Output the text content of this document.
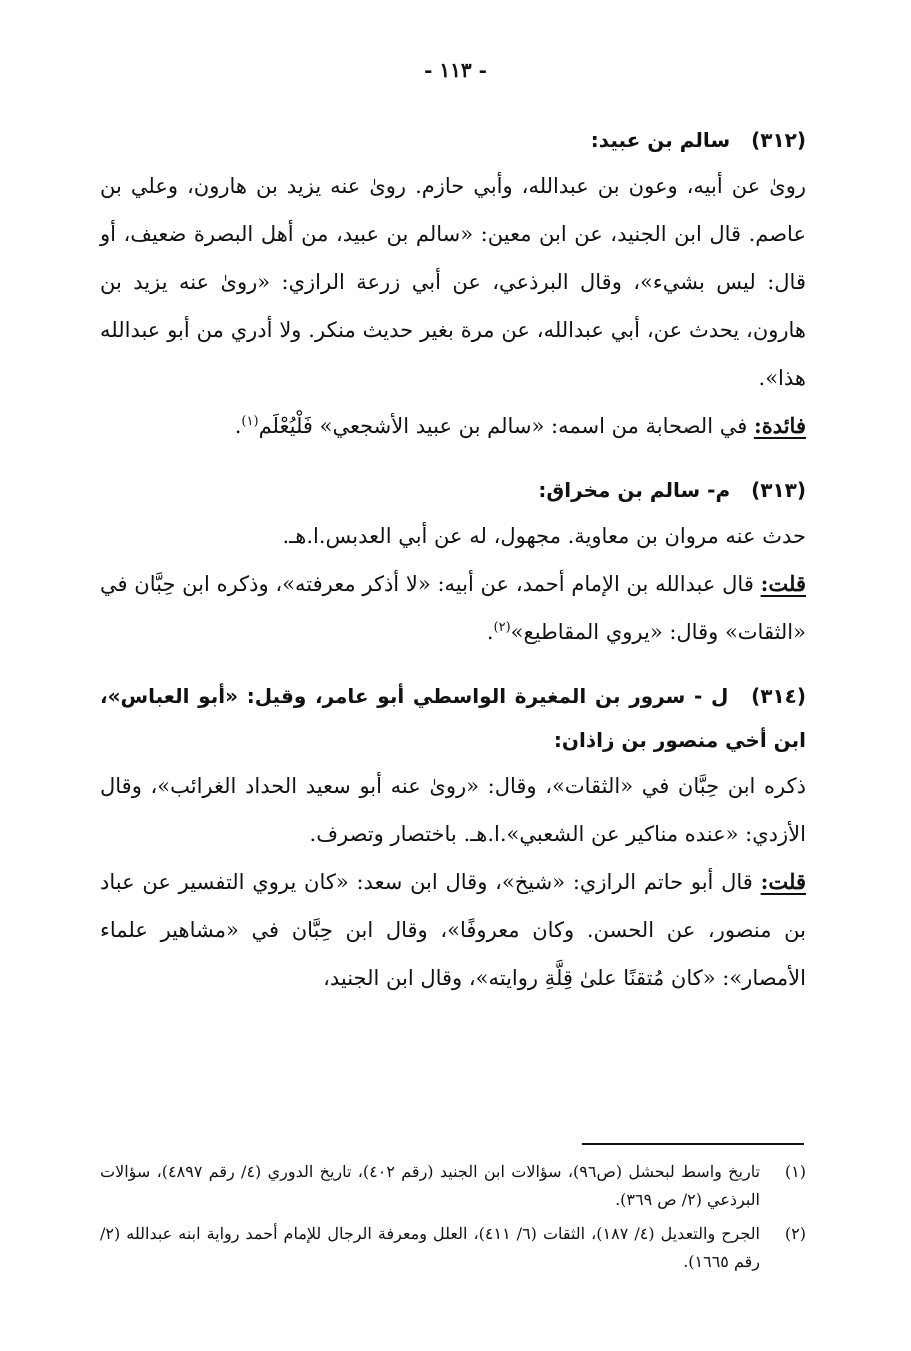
- ١١٣ -
(٣١٢) سالم بن عبيد:

روىٰ عن أبيه، وعون بن عبدالله، وأبي حازم. روىٰ عنه يزيد بن هارون، وعلي بن عاصم. قال ابن الجنيد، عن ابن معين: «سالم بن عبيد، من أهل البصرة ضعيف، أو قال: ليس بشيء»، وقال البرذعي، عن أبي زرعة الرازي: «روىٰ عنه يزيد بن هارون، يحدث عن، أبي عبدالله، عن مرة بغير حديث منكر. ولا أدري من أبو عبدالله هذا».

فائدة: في الصحابة من اسمه: «سالم بن عبيد الأشجعي» فَلْيُعْلَم$^{(١)}$.

(٣١٣) م- سالم بن مخراق:

حدث عنه مروان بن معاوية. مجهول، له عن أبي العدبس.ا.هـ.

قلت: قال عبدالله بن الإمام أحمد، عن أبيه: «لا أذكر معرفته»، وذكره ابن حِبَّان في «الثقات» وقال: «يروي المقاطيع»$^{(٢)}$.

(٣١٤) ل - سرور بن المغيرة الواسطي أبو عامر، وقيل: «أبو العباس»، ابن أخي منصور بن زاذان:

ذكره ابن حِبَّان في «الثقات»، وقال: «روىٰ عنه أبو سعيد الحداد الغرائب»، وقال الأزدي: «عنده مناكير عن الشعبي».ا.هـ. باختصار وتصرف.

قلت: قال أبو حاتم الرازي: «شيخ»، وقال ابن سعد: «كان يروي التفسير عن عباد بن منصور، عن الحسن. وكان معروفًا»، وقال ابن حِبَّان في «مشاهير علماء الأمصار»: «كان مُتقنًا علىٰ قِلَّةِ روايته»، وقال ابن الجنيد،

(١)
تاريخ واسط لبحشل (ص٩٦)، سؤالات ابن الجنيد (رقم ٤٠٢)، تاريخ الدوري (٤/ رقم ٤٨٩٧)، سؤالات البرذعي (٢/ ص ٣٦٩).

(٢)
الجرح والتعديل (٤/ ١٨٧)، الثقات (٦/ ٤١١)، العلل ومعرفة الرجال للإمام أحمد رواية ابنه عبدالله (٢/ رقم ١٦٦٥).
